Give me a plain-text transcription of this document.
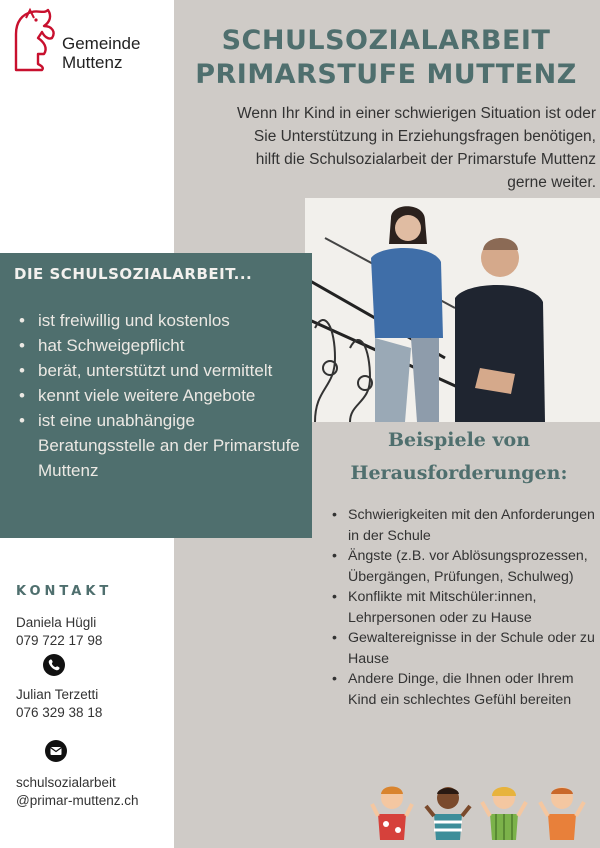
Gemeinde
Muttenz
SCHULSOZIALARBEIT
PRIMARSTUFE MUTTENZ
Wenn Ihr Kind in einer schwierigen Situation ist oder
Sie Unterstützung in Erziehungsfragen benötigen,
hilft die Schulsozialarbeit der Primarstufe Muttenz
gerne weiter.
DIE SCHULSOZIALARBEIT...
• ist freiwillig und kostenlos
• hat Schweigepflicht
• berät, unterstützt und vermittelt
• kennt viele weitere Angebote
• ist eine unabhängige Beratungsstelle an der Primarstufe Muttenz
Beispiele von
Herausforderungen:
• Schwierigkeiten mit den Anforderungen in der Schule
• Ängste (z.B. vor Ablösungsprozessen, Übergängen, Prüfungen, Schulweg)
• Konflikte mit Mitschüler:innen, Lehrpersonen oder zu Hause
• Gewaltereignisse in der Schule oder zu Hause
• Andere Dinge, die Ihnen oder Ihrem Kind ein schlechtes Gefühl bereiten
KONTAKT
Daniela Hügli
079 722 17 98
Julian Terzetti
076 329 38 18
schulsozialarbeit
@primar-muttenz.ch
